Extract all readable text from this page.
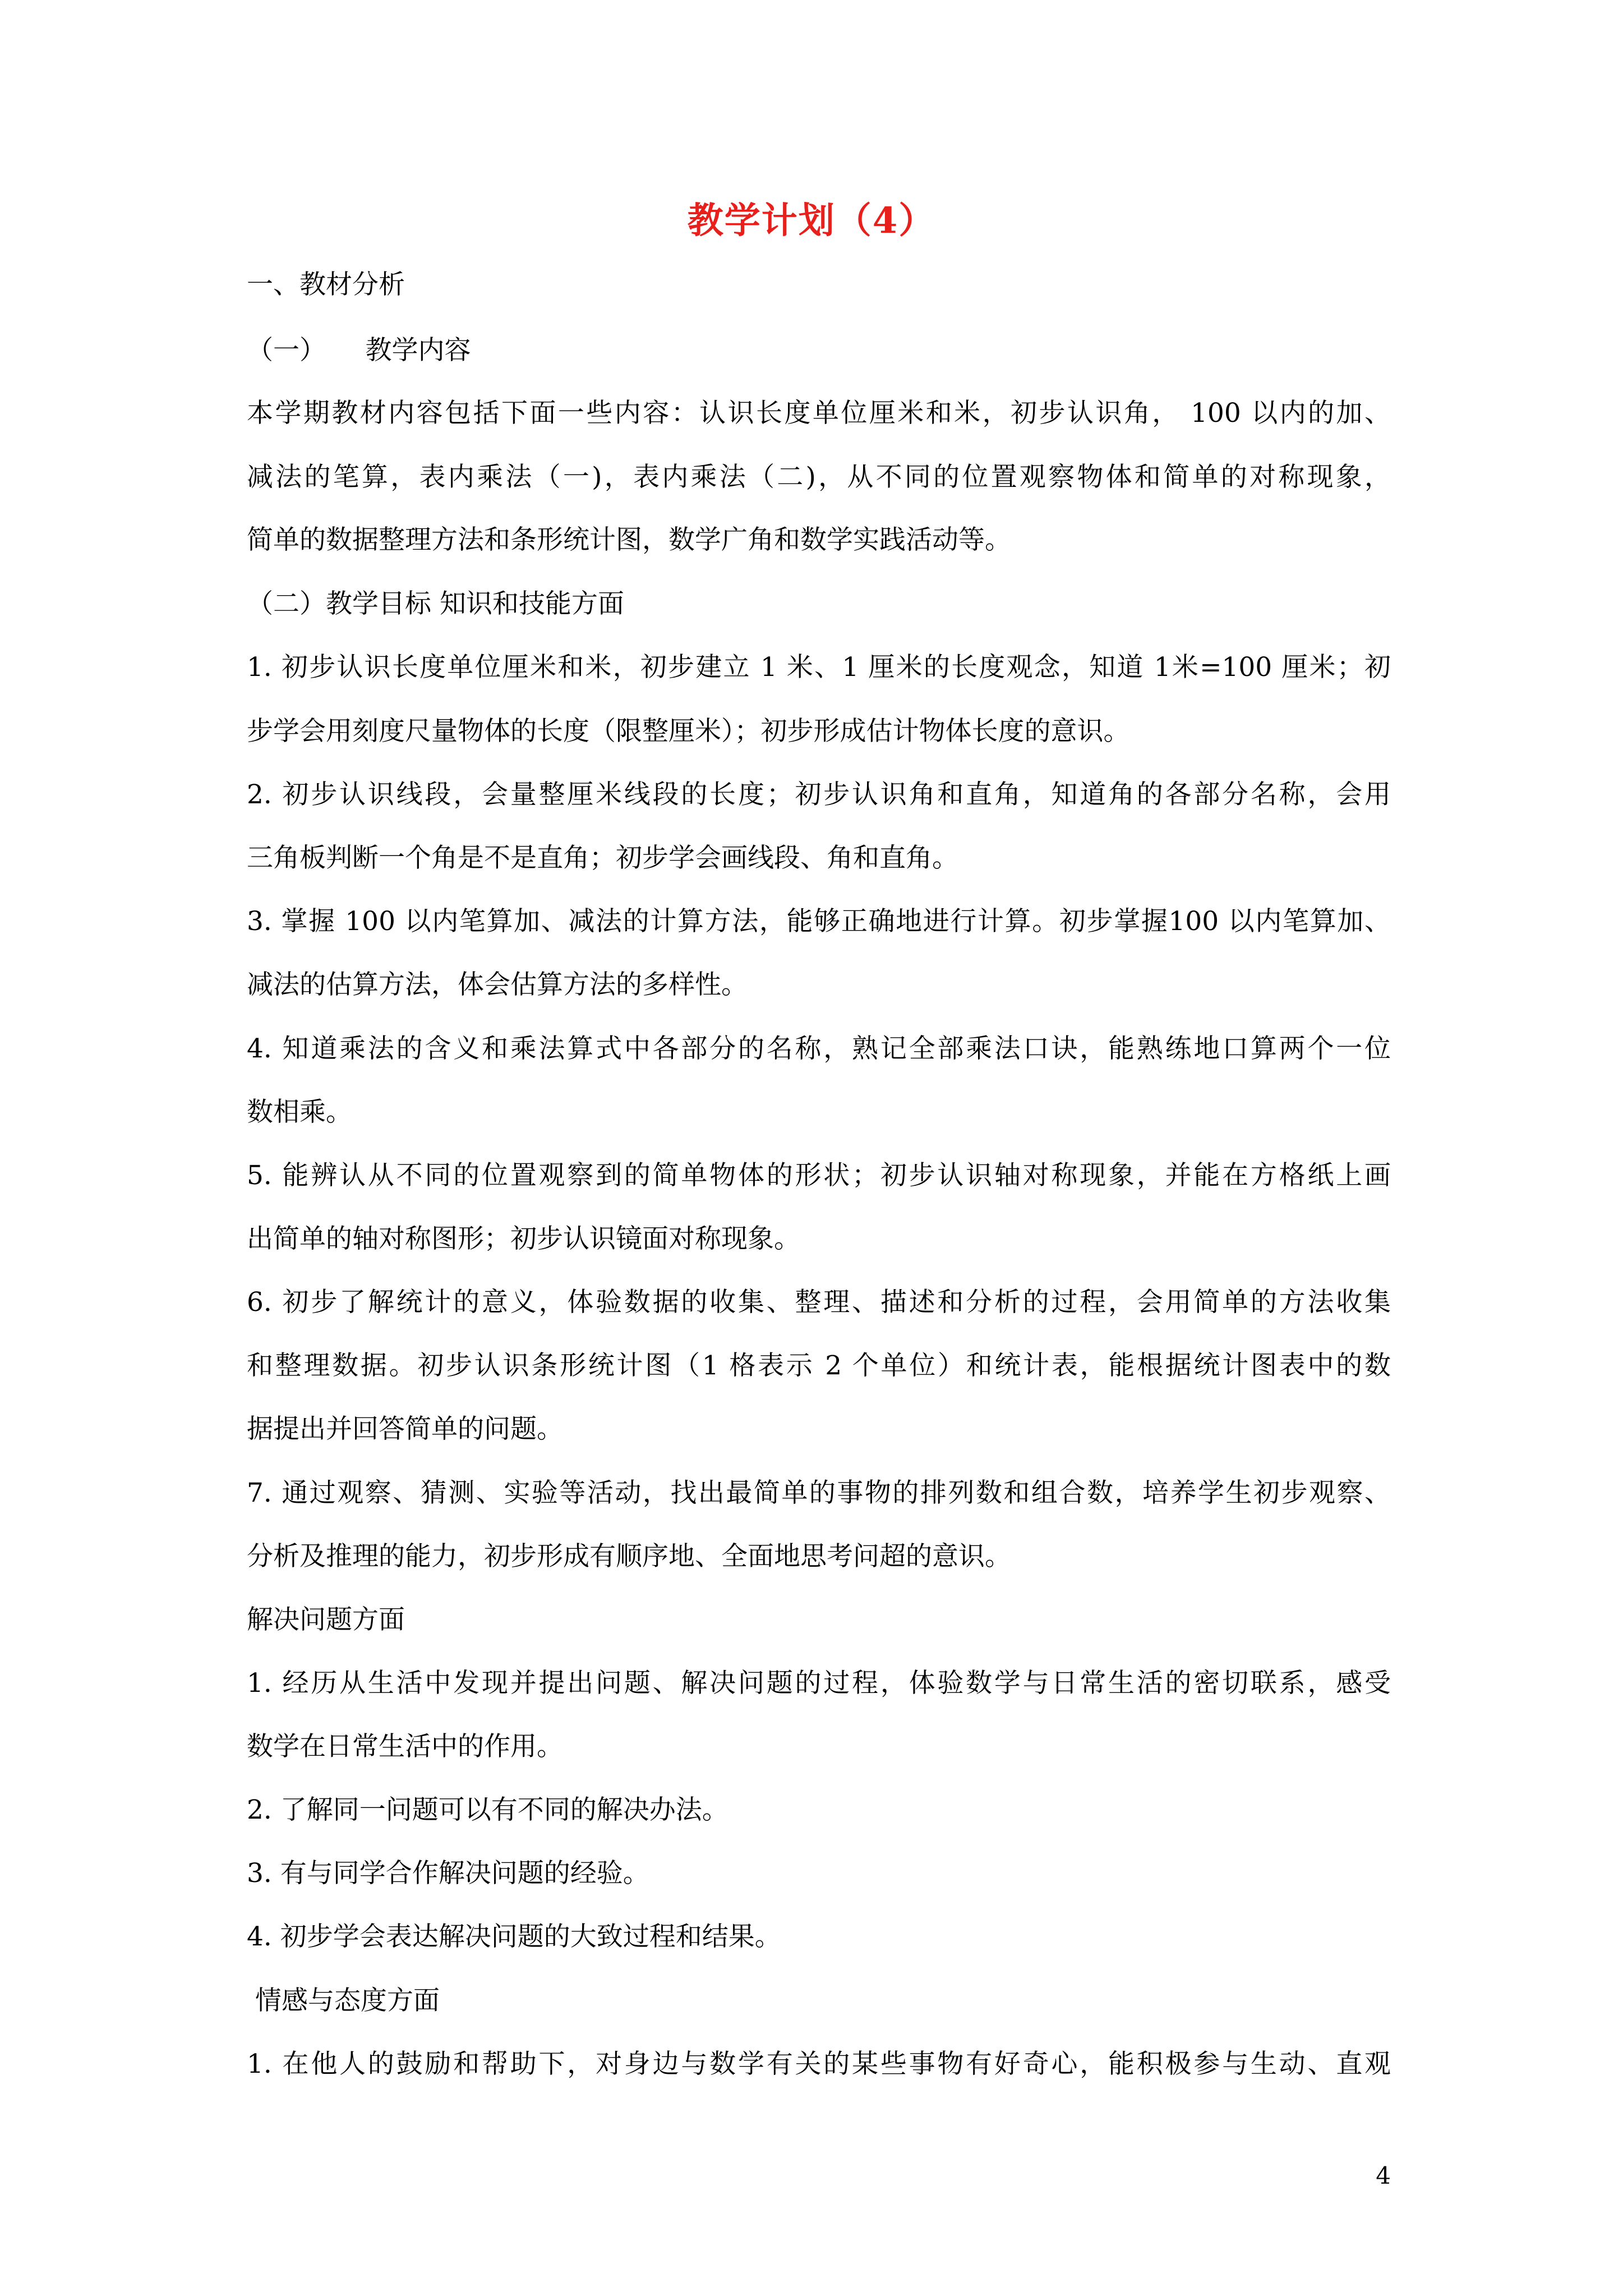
教学计划（4）
一、教材分析
（一）　　教学内容
本学期教材内容包括下面一些内容：认识长度单位厘米和米，初步认识角， 100 以内的加、
减法的笔算，表内乘法（一)，表内乘法（二)，从不同的位置观察物体和简单的对称现象，
简单的数据整理方法和条形统计图，数学广角和数学实践活动等。
（二）教学目标 知识和技能方面
1. 初步认识长度单位厘米和米，初步建立 1 米、1 厘米的长度观念，知道 1米=100 厘米；初
步学会用刻度尺量物体的长度（限整厘米）；初步形成估计物体长度的意识。
2. 初步认识线段，会量整厘米线段的长度；初步认识角和直角，知道角的各部分名称，会用
三角板判断一个角是不是直角；初步学会画线段、角和直角。
3. 掌握 100 以内笔算加、减法的计算方法，能够正确地进行计算。初步掌握100 以内笔算加、
减法的估算方法，体会估算方法的多样性。
4. 知道乘法的含义和乘法算式中各部分的名称，熟记全部乘法口诀，能熟练地口算两个一位
数相乘。
5. 能辨认从不同的位置观察到的简单物体的形状；初步认识轴对称现象，并能在方格纸上画
出简单的轴对称图形；初步认识镜面对称现象。
6. 初步了解统计的意义，体验数据的收集、整理、描述和分析的过程，会用简单的方法收集
和整理数据。初步认识条形统计图（1 格表示 2 个单位）和统计表，能根据统计图表中的数
据提出并回答简单的问题。
7. 通过观察、猜测、实验等活动，找出最简单的事物的排列数和组合数，培养学生初步观察、
分析及推理的能力，初步形成有顺序地、全面地思考问超的意识。
解决问题方面
1. 经历从生活中发现并提出问题、解决问题的过程，体验数学与日常生活的密切联系，感受
数学在日常生活中的作用。
2. 了解同一问题可以有不同的解决办法。
3. 有与同学合作解决问题的经验。
4. 初步学会表达解决问题的大致过程和结果。
情感与态度方面
1. 在他人的鼓励和帮助下，对身边与数学有关的某些事物有好奇心，能积极参与生动、直观
4
